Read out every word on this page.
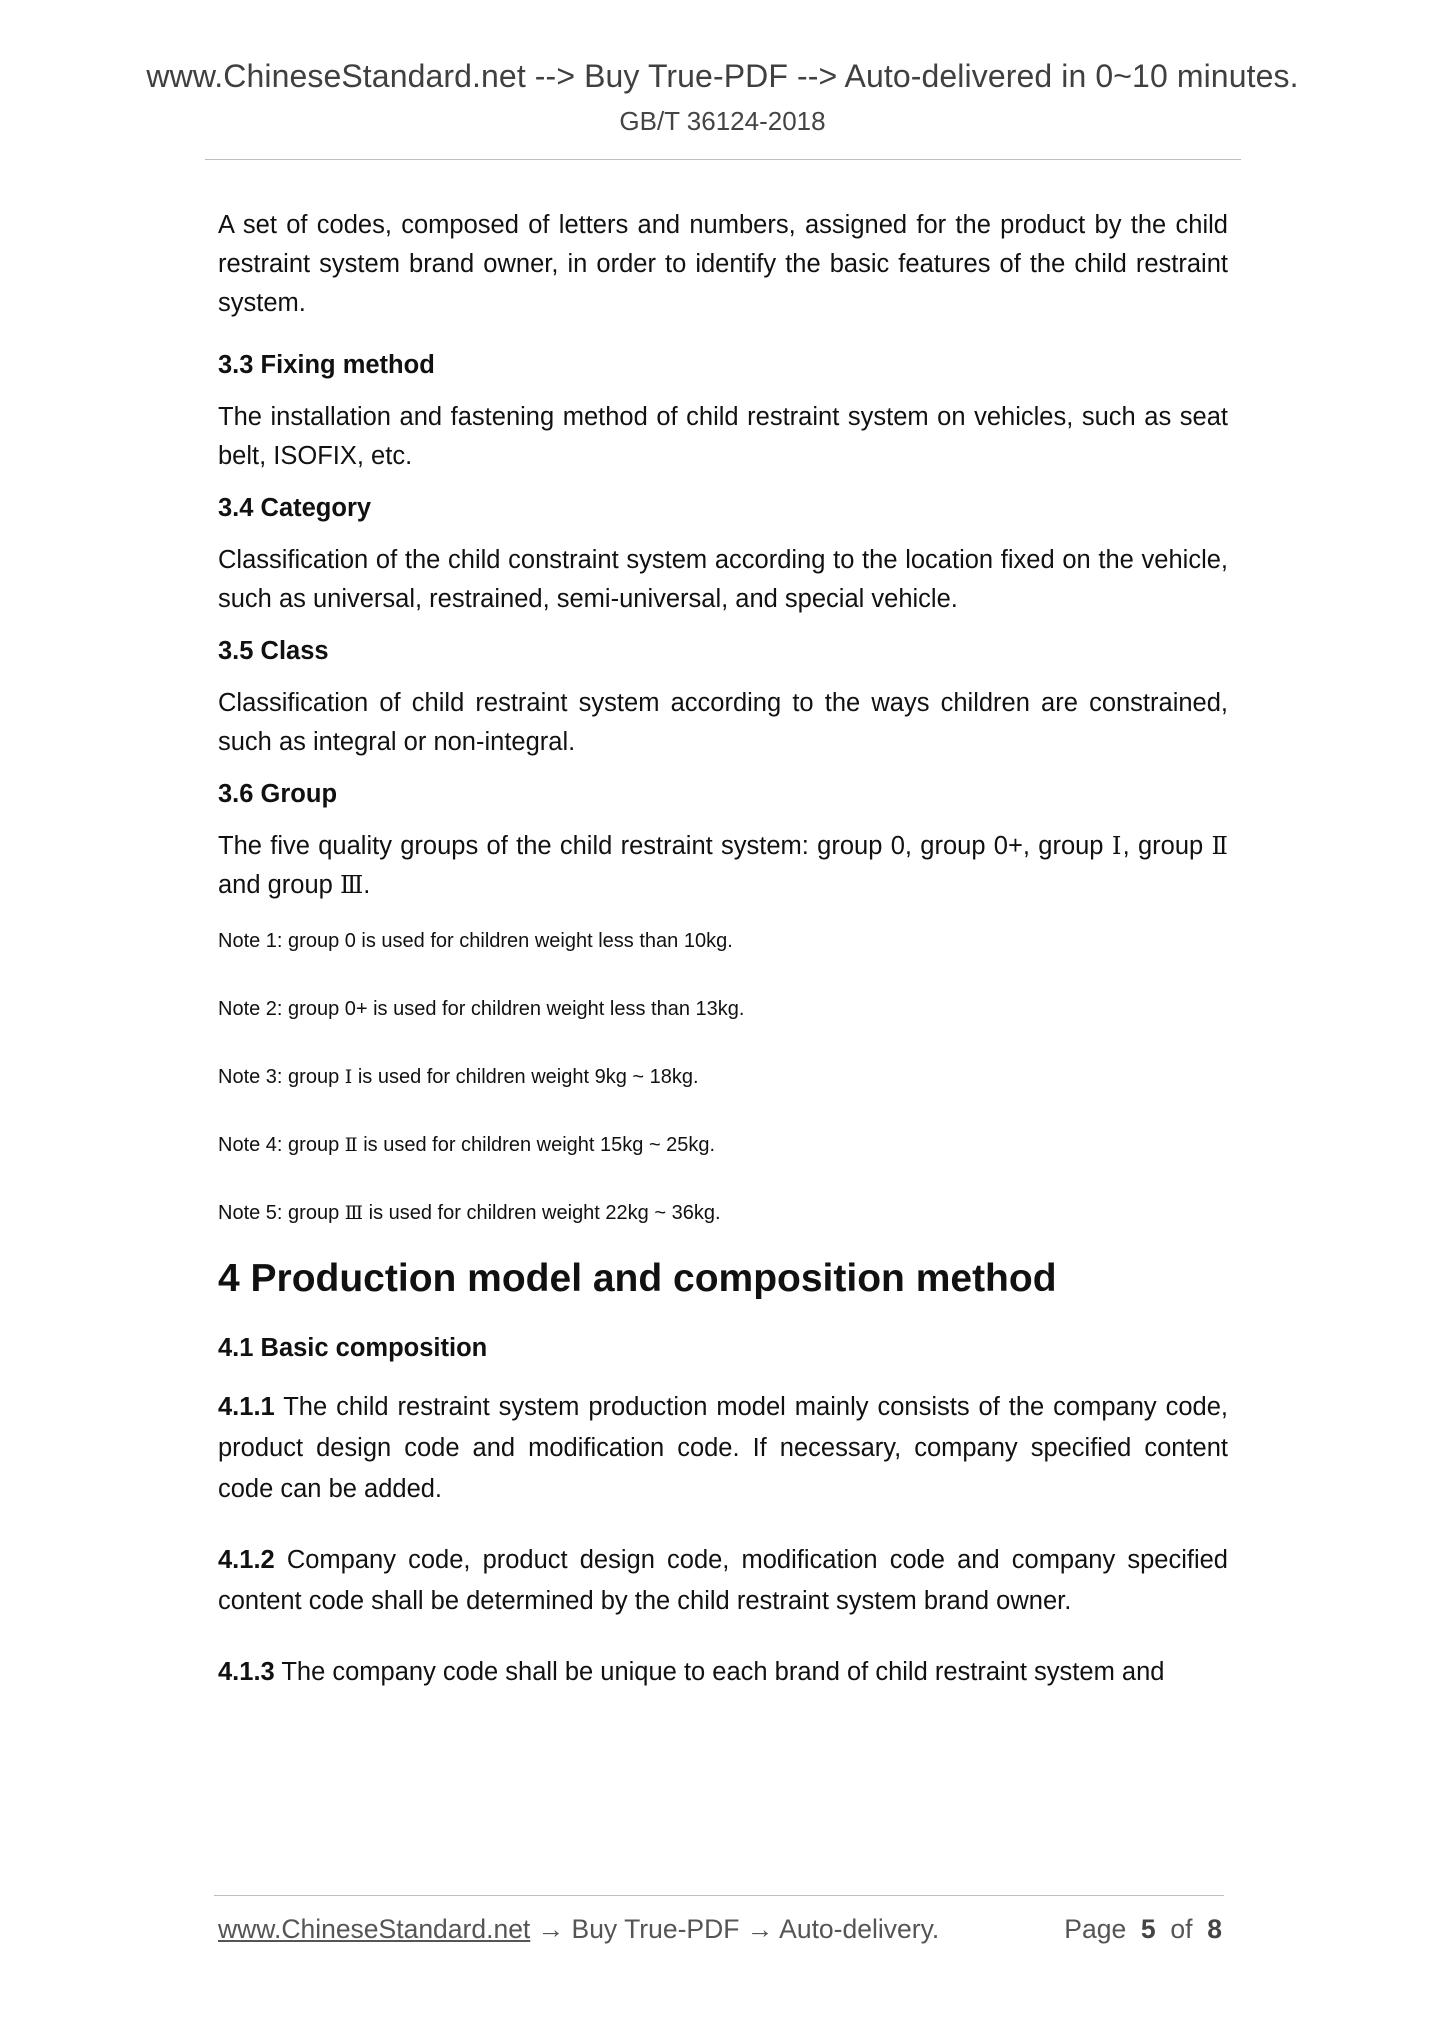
www.ChineseStandard.net --> Buy True-PDF --> Auto-delivered in 0~10 minutes.
GB/T 36124-2018

A set of codes, composed of letters and numbers, assigned for the product by the child restraint system brand owner, in order to identify the basic features of the child restraint system.

3.3 Fixing method

The installation and fastening method of child restraint system on vehicles, such as seat belt, ISOFIX, etc.

3.4 Category

Classification of the child constraint system according to the location fixed on the vehicle, such as universal, restrained, semi-universal, and special vehicle.

3.5 Class

Classification of child restraint system according to the ways children are constrained, such as integral or non-integral.

3.6 Group

The five quality groups of the child restraint system: group 0, group 0+, group Ⅰ, group Ⅱ and group Ⅲ.

Note 1: group 0 is used for children weight less than 10kg.

Note 2: group 0+ is used for children weight less than 13kg.

Note 3: group Ⅰ is used for children weight 9kg ~ 18kg.

Note 4: group Ⅱ is used for children weight 15kg ~ 25kg.

Note 5: group Ⅲ is used for children weight 22kg ~ 36kg.

4 Production model and composition method

4.1 Basic composition

4.1.1 The child restraint system production model mainly consists of the company code, product design code and modification code. If necessary, company specified content code can be added.

4.1.2 Company code, product design code, modification code and company specified content code shall be determined by the child restraint system brand owner.

4.1.3 The company code shall be unique to each brand of child restraint system and

www.ChineseStandard.net → Buy True-PDF → Auto-delivery.	Page 5 of 8
